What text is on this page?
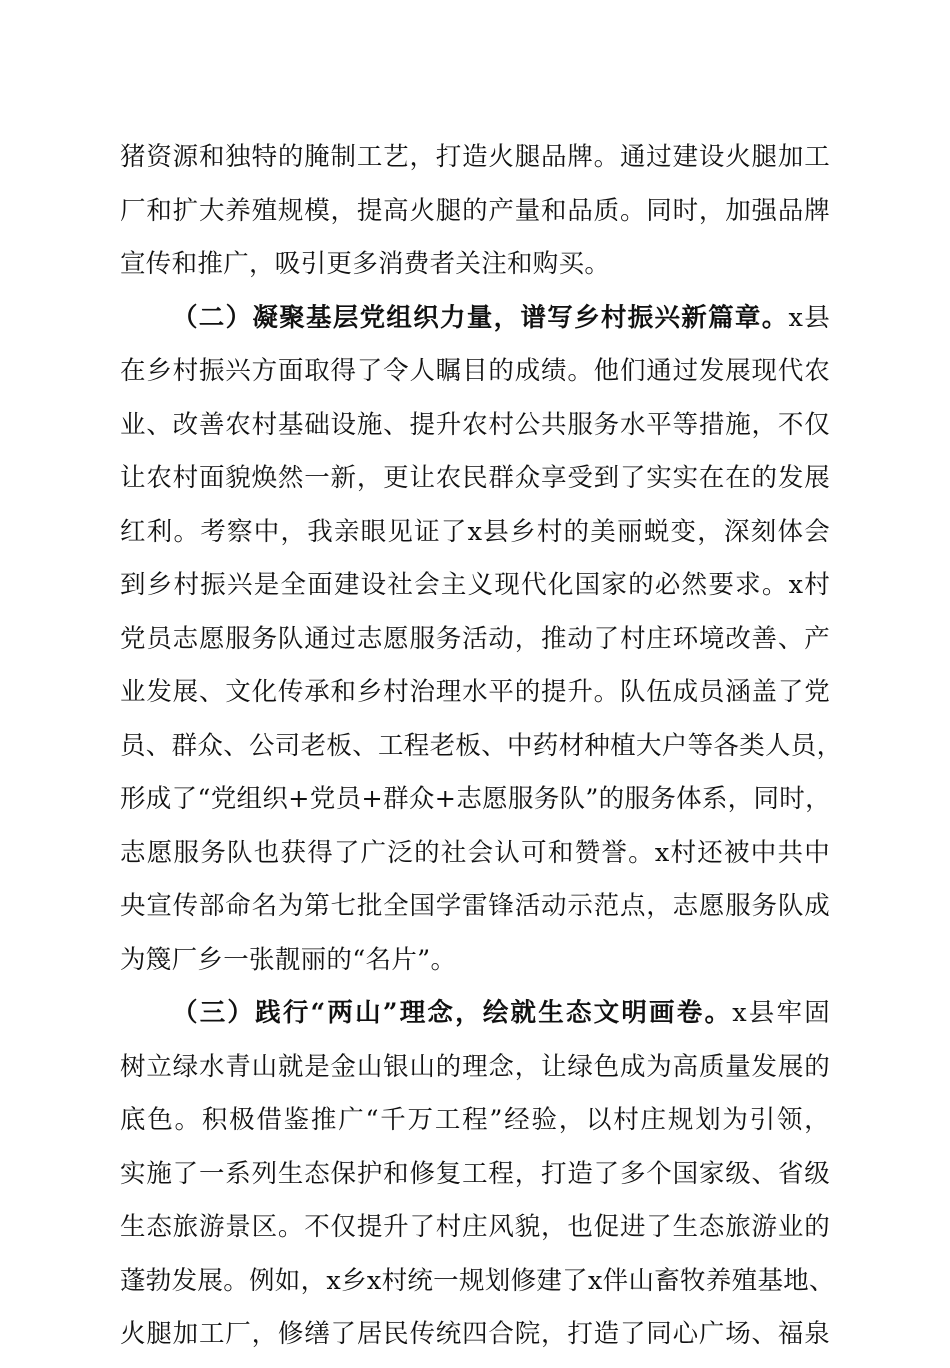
猪资源和独特的腌制工艺，打造火腿品牌。通过建设火腿加工
厂和扩大养殖规模，提高火腿的产量和品质。同时，加强品牌
宣传和推广，吸引更多消费者关注和购买。
（二）凝聚基层党组织力量，谱写乡村振兴新篇章。x县
在乡村振兴方面取得了令人瞩目的成绩。他们通过发展现代农
业、改善农村基础设施、提升农村公共服务水平等措施，不仅
让农村面貌焕然一新，更让农民群众享受到了实实在在的发展
红利。考察中，我亲眼见证了x县乡村的美丽蜕变，深刻体会
到乡村振兴是全面建设社会主义现代化国家的必然要求。x村
党员志愿服务队通过志愿服务活动，推动了村庄环境改善、产
业发展、文化传承和乡村治理水平的提升。队伍成员涵盖了党
员、群众、公司老板、工程老板、中药材种植大户等各类人员，
形成了“党组织+党员+群众+志愿服务队”的服务体系，同时，
志愿服务队也获得了广泛的社会认可和赞誉。x村还被中共中
央宣传部命名为第七批全国学雷锋活动示范点，志愿服务队成
为篾厂乡一张靓丽的“名片”。
（三）践行“两山”理念，绘就生态文明画卷。x县牢固
树立绿水青山就是金山银山的理念，让绿色成为高质量发展的
底色。积极借鉴推广“千万工程”经验，以村庄规划为引领，
实施了一系列生态保护和修复工程，打造了多个国家级、省级
生态旅游景区。不仅提升了村庄风貌，也促进了生态旅游业的
蓬勃发展。例如，x乡x村统一规划修建了x伴山畜牧养殖基地、
火腿加工厂，修缮了居民传统四合院，打造了同心广场、福泉
